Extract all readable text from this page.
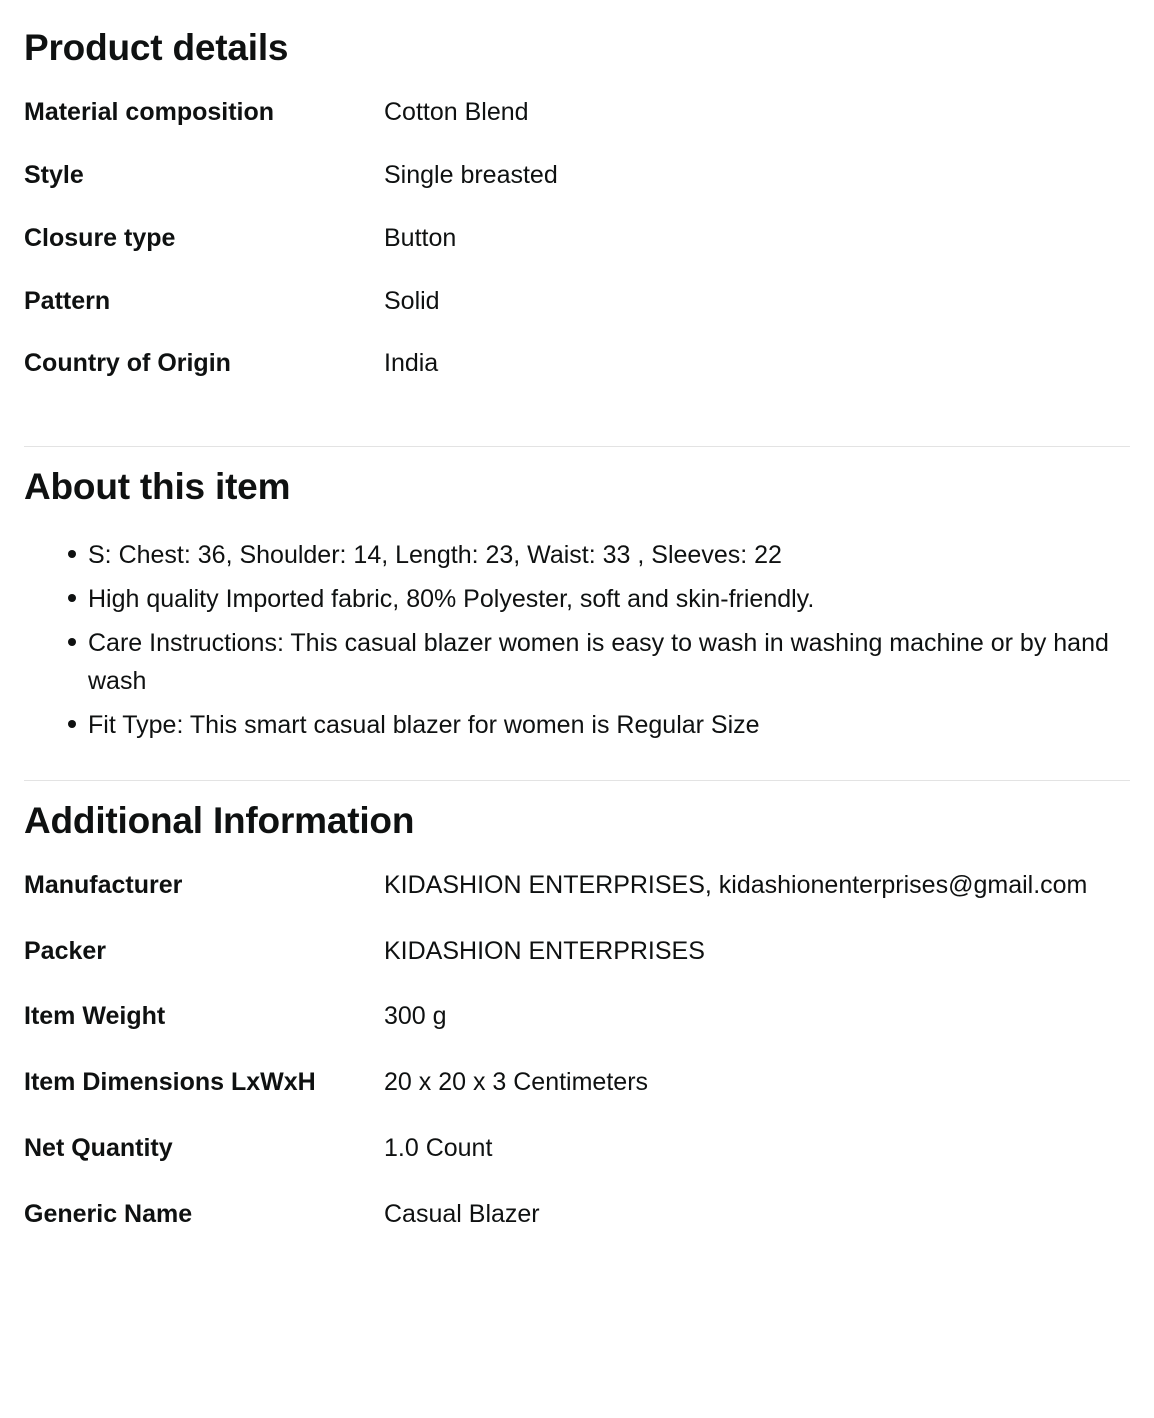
Product details
Material composition	Cotton Blend
Style	Single breasted
Closure type	Button
Pattern	Solid
Country of Origin	India
About this item
S: Chest: 36, Shoulder: 14, Length: 23, Waist: 33 , Sleeves: 22
High quality Imported fabric, 80% Polyester, soft and skin-friendly.
Care Instructions: This casual blazer women is easy to wash in washing machine or by hand wash
Fit Type: This smart casual blazer for women is Regular Size
Additional Information
Manufacturer	KIDASHION ENTERPRISES, kidashionenterprises@gmail.com
Packer	KIDASHION ENTERPRISES
Item Weight	300 g
Item Dimensions LxWxH	20 x 20 x 3 Centimeters
Net Quantity	1.0 Count
Generic Name	Casual Blazer
